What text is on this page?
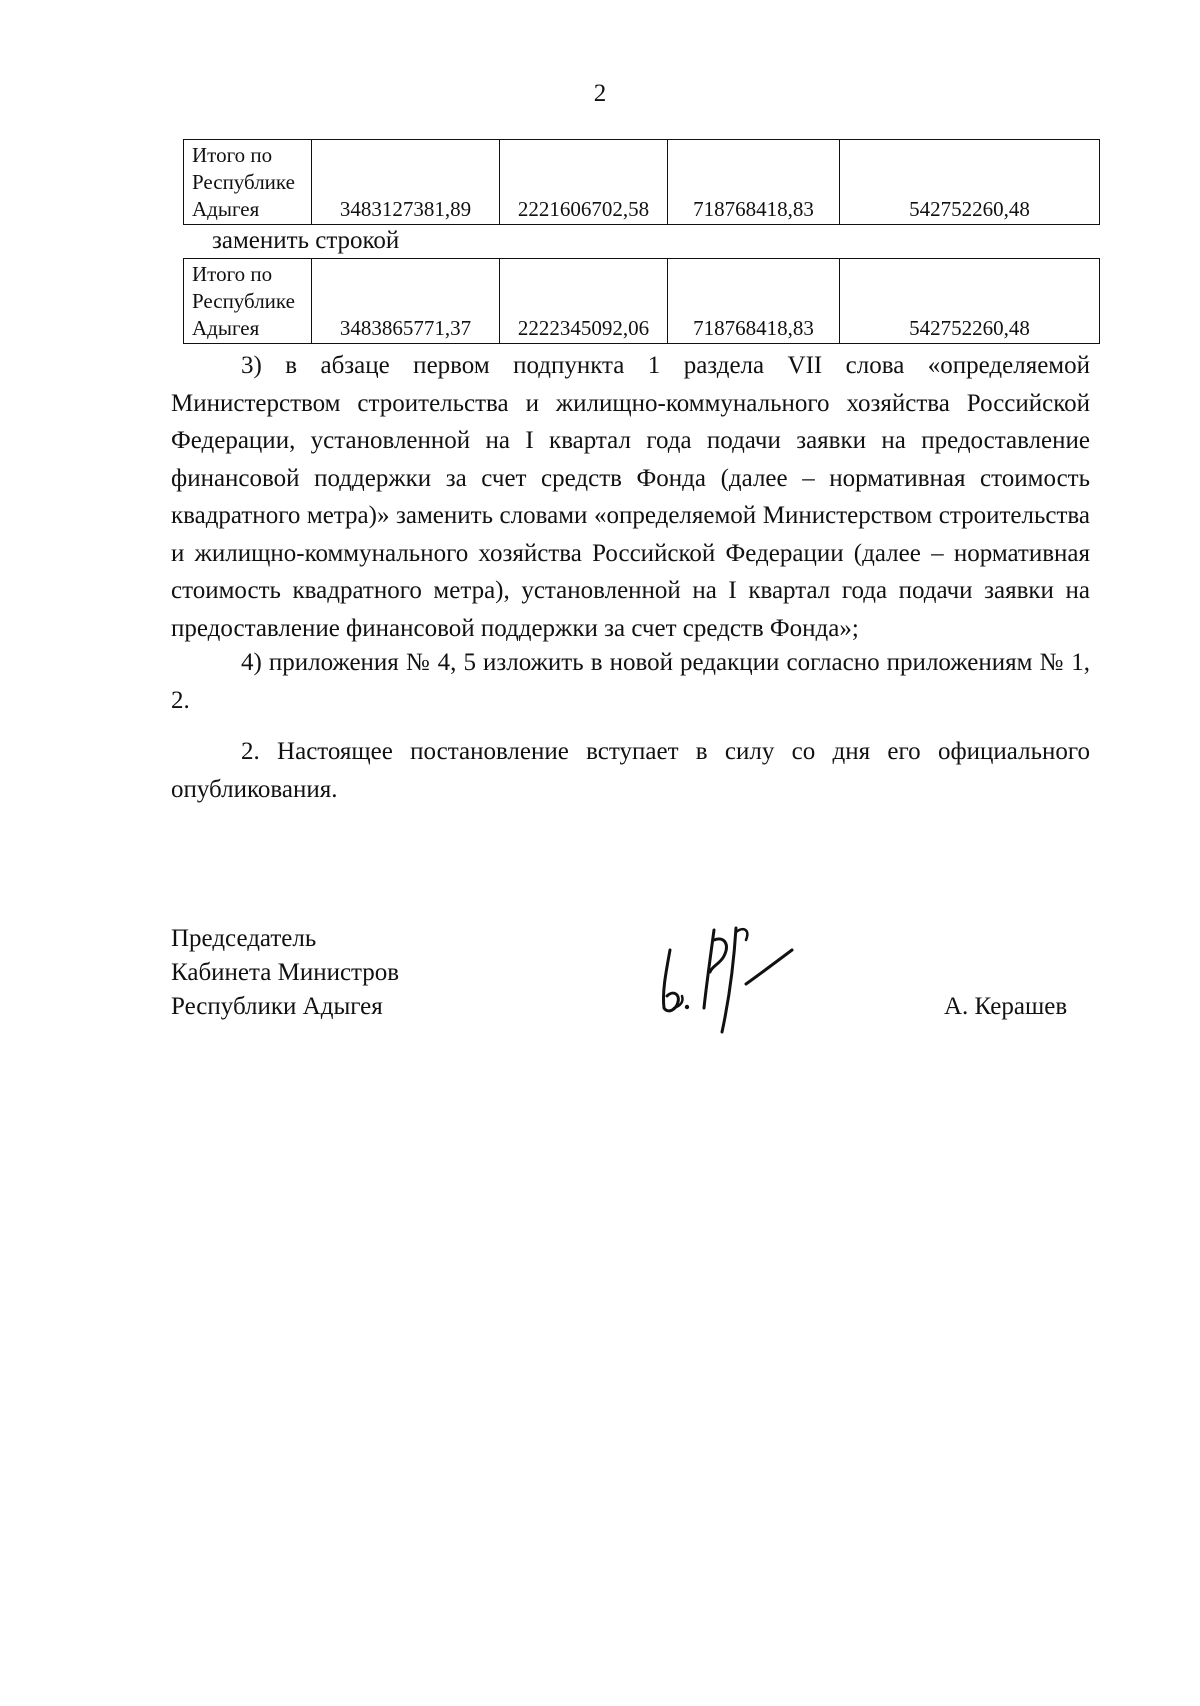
2
Итого по
Республике
Адыгея	3483127381,89	2221606702,58	718768418,83	542752260,48
заменить строкой
Итого по
Республике
Адыгея	3483865771,37	2222345092,06	718768418,83	542752260,48

3) в абзаце первом подпункта 1 раздела VII слова «определяемой Министерством строительства и жилищно-коммунального хозяйства Российской Федерации, установленной на I квартал года подачи заявки на предоставление финансовой поддержки за счет средств Фонда (далее – нормативная стоимость квадратного метра)» заменить словами «определяемой Министерством строительства и жилищно-коммунального хозяйства Российской Федерации (далее – нормативная стоимость квадратного метра), установленной на I квартал года подачи заявки на предоставление финансовой поддержки за счет средств Фонда»;

4) приложения № 4, 5 изложить в новой редакции согласно приложениям № 1, 2.

2. Настоящее постановление вступает в силу со дня его официального опубликования.

Председатель
Кабинета Министров
Республики Адыгея	А. Керашев
